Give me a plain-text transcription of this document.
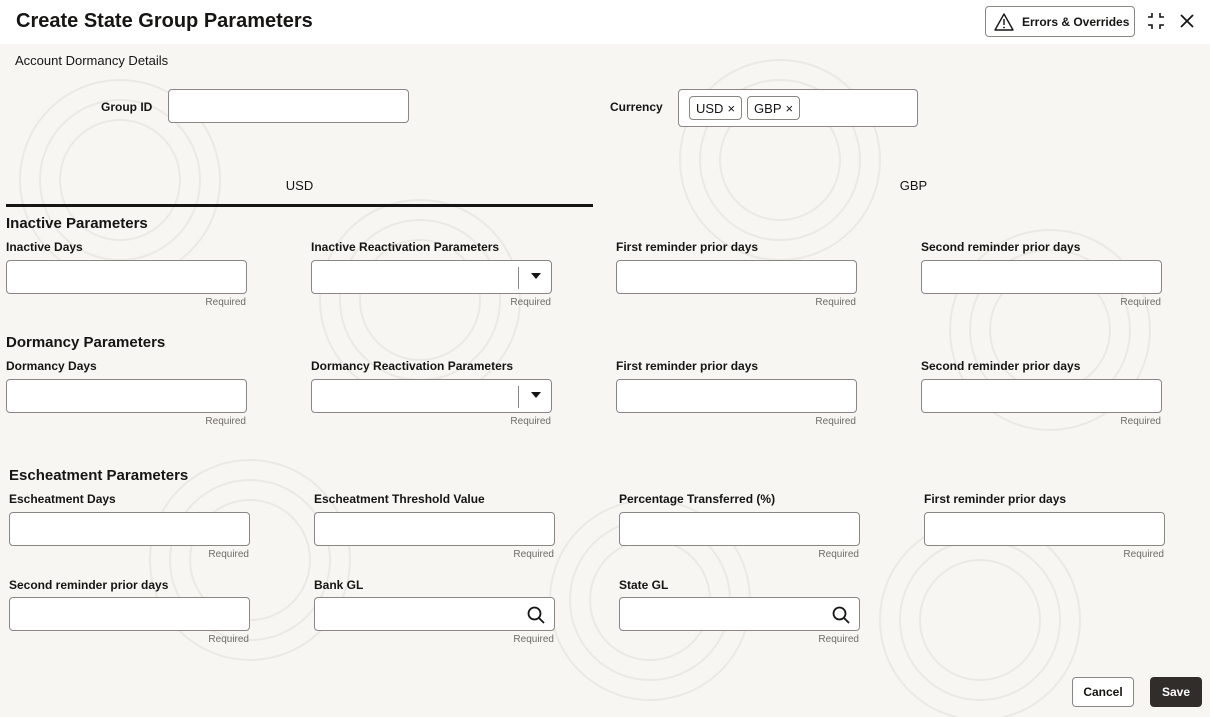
Create State Group Parameters	Errors & Overrides
Account Dormancy Details
Group ID	Currency	USD × GBP ×
USD	GBP
Inactive Parameters
Inactive Days
Required
Inactive Reactivation Parameters
Required
First reminder prior days
Required
Second reminder prior days
Required
Dormancy Parameters
Dormancy Days
Required
Dormancy Reactivation Parameters
Required
First reminder prior days
Required
Second reminder prior days
Required
Escheatment Parameters
Escheatment Days
Required
Escheatment Threshold Value
Required
Percentage Transferred (%)
Required
First reminder prior days
Required
Second reminder prior days
Required
Bank GL
Required
State GL
Required
Cancel	Save
